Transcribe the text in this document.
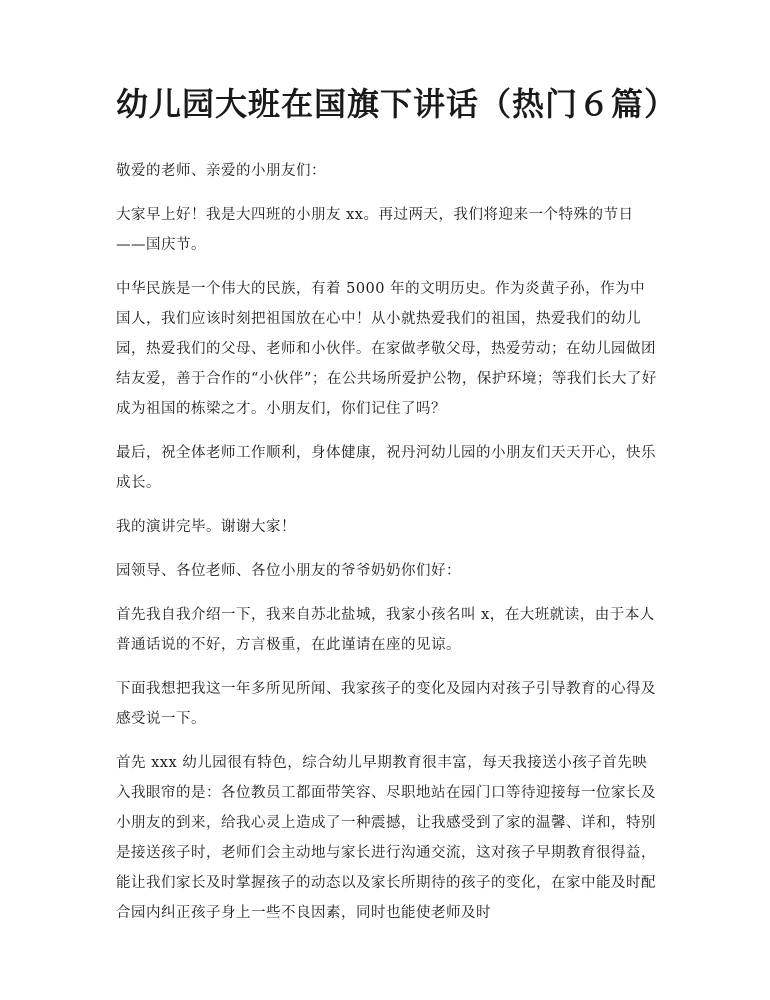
幼儿园大班在国旗下讲话（热门６篇）

敬爱的老师、亲爱的小朋友们：

大家早上好！我是大四班的小朋友 xx。再过两天，我们将迎来一个特殊的节日——国庆节。

中华民族是一个伟大的民族，有着 5000 年的文明历史。作为炎黄子孙，作为中国人，我们应该时刻把祖国放在心中！从小就热爱我们的祖国，热爱我们的幼儿园，热爱我们的父母、老师和小伙伴。在家做孝敬父母，热爱劳动；在幼儿园做团结友爱，善于合作的“小伙伴”；在公共场所爱护公物，保护环境；等我们长大了好成为祖国的栋梁之才。小朋友们，你们记住了吗？

最后，祝全体老师工作顺利，身体健康，祝丹河幼儿园的小朋友们天天开心，快乐成长。

我的演讲完毕。谢谢大家！

园领导、各位老师、各位小朋友的爷爷奶奶你们好：

首先我自我介绍一下，我来自苏北盐城，我家小孩名叫 x，在大班就读，由于本人普通话说的不好，方言极重，在此谨请在座的见谅。

下面我想把我这一年多所见所闻、我家孩子的变化及园内对孩子引导教育的心得及感受说一下。

首先 xxx 幼儿园很有特色，综合幼儿早期教育很丰富，每天我接送小孩子首先映入我眼帘的是：各位教员工都面带笑容、尽职地站在园门口等待迎接每一位家长及小朋友的到来，给我心灵上造成了一种震撼，让我感受到了家的温馨、详和，特别是接送孩子时，老师们会主动地与家长进行沟通交流，这对孩子早期教育很得益，能让我们家长及时掌握孩子的动态以及家长所期待的孩子的变化，在家中能及时配合园内纠正孩子身上一些不良因素，同时也能使老师及时
